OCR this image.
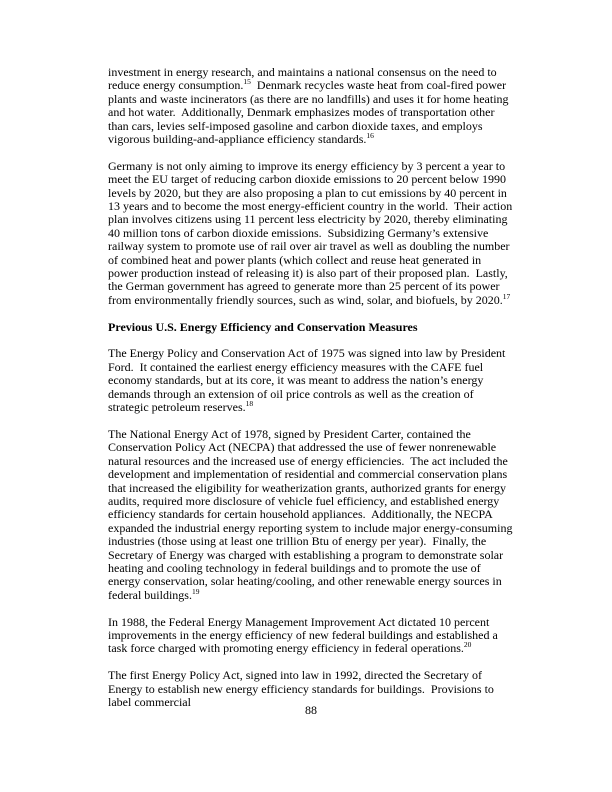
investment in energy research, and maintains a national consensus on the need to reduce energy consumption.$^{15}$  Denmark recycles waste heat from coal-fired power plants and waste incinerators (as there are no landfills) and uses it for home heating and hot water.  Additionally, Denmark emphasizes modes of transportation other than cars, levies self-imposed gasoline and carbon dioxide taxes, and employs vigorous building-and-appliance efficiency standards.$^{16}$

Germany is not only aiming to improve its energy efficiency by 3 percent a year to meet the EU target of reducing carbon dioxide emissions to 20 percent below 1990 levels by 2020, but they are also proposing a plan to cut emissions by 40 percent in 13 years and to become the most energy-efficient country in the world.  Their action plan involves citizens using 11 percent less electricity by 2020, thereby eliminating 40 million tons of carbon dioxide emissions.  Subsidizing Germany’s extensive railway system to promote use of rail over air travel as well as doubling the number of combined heat and power plants (which collect and reuse heat generated in power production instead of releasing it) is also part of their proposed plan.  Lastly, the German government has agreed to generate more than 25 percent of its power from environmentally friendly sources, such as wind, solar, and biofuels, by 2020.17

Previous U.S. Energy Efficiency and Conservation Measures

The Energy Policy and Conservation Act of 1975 was signed into law by President Ford.  It contained the earliest energy efficiency measures with the CAFE fuel economy standards, but at its core, it was meant to address the nation’s energy demands through an extension of oil price controls as well as the creation of strategic petroleum reserves.$^{18}$

The National Energy Act of 1978, signed by President Carter, contained the Conservation Policy Act (NECPA) that addressed the use of fewer nonrenewable natural resources and the increased use of energy efficiencies.  The act included the development and implementation of residential and commercial conservation plans that increased the eligibility for weatherization grants, authorized grants for energy audits, required more disclosure of vehicle fuel efficiency, and established energy efficiency standards for certain household appliances.  Additionally, the NECPA expanded the industrial energy reporting system to include major energy-consuming industries (those using at least one trillion Btu of energy per year).  Finally, the Secretary of Energy was charged with establishing a program to demonstrate solar heating and cooling technology in federal buildings and to promote the use of energy conservation, solar heating/cooling, and other renewable energy sources in federal buildings.$^{19}$

In 1988, the Federal Energy Management Improvement Act dictated 10 percent improvements in the energy efficiency of new federal buildings and established a task force charged with promoting energy efficiency in federal operations.$^{20}$

The first Energy Policy Act, signed into law in 1992, directed the Secretary of Energy to establish new energy efficiency standards for buildings.  Provisions to label commercial

88
